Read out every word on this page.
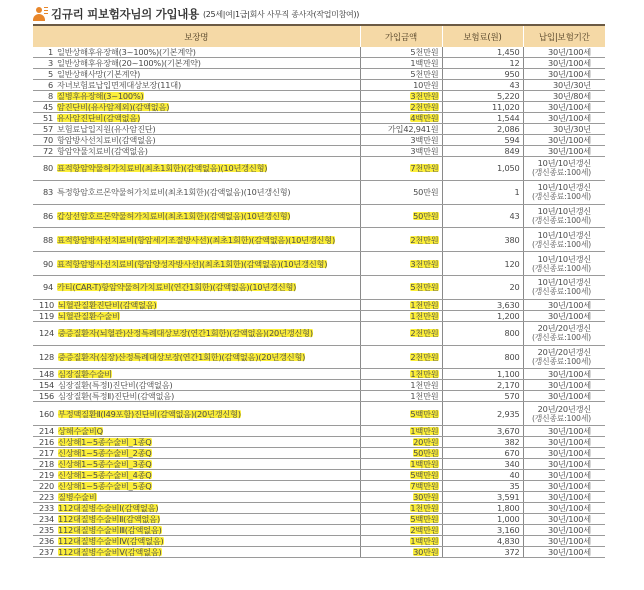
김규리 피보험자님의 가입내용 (25세|여|1급|회사 사무직 종사자(작업미참여))
보장명	가입금액	보험료(원)	납입|보험기간
1 일반상해후유장해(3~100%)(기본계약)	5천만원	1,450	30년/100세
3 일반상해후유장해(20~100%)(기본계약)	1백만원	12	30년/100세
5 일반상해사망(기본계약)	5천만원	950	30년/100세
6 자녀보험료납입면제대상보장(11대)	10만원	43	30년/30년
8 질병후유장해(3~100%)	3천만원	5,220	30년/80세
45 암진단비(유사암제외)(감액없음)	2천만원	11,020	30년/100세
51 유사암진단비(감액없음)	4백만원	1,544	30년/100세
57 보험료납입지원(유사암진단)	가입42,941원	2,086	30년/30년
70 항암방사선치료비(감액없음)	3백만원	594	30년/100세
72 항암약물치료비(감액없음)	3백만원	849	30년/100세
80 표적항암약물허가치료비(최초1회한)(감액없음)(10년갱신형)	7천만원	1,050	10년/10년갱신
(갱신종료:100세)

83 특정항암호르몬약물허가치료비(최초1회한)(감액없음)(10년갱신형)	50만원	1	10년/10년갱신
(갱신종료:100세)

86 갑상선암호르몬약물허가치료비(최초1회한)(감액없음)(10년갱신형)	50만원	43	10년/10년갱신
(갱신종료:100세)

88 표적항암방사선치료비(항암세기조절방사선)(최초1회한)(감액없음)(10년갱신형)	2천만원	380	10년/10년갱신
(갱신종료:100세)

90 표적항암방사선치료비(항암양성자방사선)(최초1회한)(감액없음)(10년갱신형)	3천만원	120	10년/10년갱신
(갱신종료:100세)

94 카티(CAR-T)항암약물허가치료비(연간1회한)(감액없음)(10년갱신형)	5천만원	20	10년/10년갱신
(갱신종료:100세)

110 뇌혈관질환진단비(감액없음)	1천만원	3,630	30년/100세
119 뇌혈관질환수술비	1천만원	1,200	30년/100세
124 중증질환자(뇌혈관)산정특례대상보장(연간1회한)(감액없음)(20년갱신형)	2천만원	800	20년/20년갱신
(갱신종료:100세)

128 중증질환자(심장)산정특례대상보장(연간1회한)(감액없음)(20년갱신형)	2천만원	800	20년/20년갱신
(갱신종료:100세)

148 심장질환수술비	1천만원	1,100	30년/100세
154 심장질환(특정Ⅰ)진단비(감액없음)	1천만원	2,170	30년/100세
156 심장질환(특정Ⅱ)진단비(감액없음)	1천만원	570	30년/100세
160 부정맥질환Ⅱ(I49포함)진단비(감액없음)(20년갱신형)	5백만원	2,935	20년/20년갱신
(갱신종료:100세)

214 상해수술비Q	1백만원	3,670	30년/100세
216 신상해1~5종수술비_1종Q	20만원	382	30년/100세
217 신상해1~5종수술비_2종Q	50만원	670	30년/100세
218 신상해1~5종수술비_3종Q	1백만원	340	30년/100세
219 신상해1~5종수술비_4종Q	5백만원	40	30년/100세
220 신상해1~5종수술비_5종Q	7백만원	35	30년/100세
223 질병수술비	30만원	3,591	30년/100세
233 112대질병수술비Ⅰ(감액없음)	1천만원	1,800	30년/100세
234 112대질병수술비Ⅱ(감액없음)	5백만원	1,000	30년/100세
235 112대질병수술비Ⅲ(감액없음)	2백만원	3,160	30년/100세
236 112대질병수술비Ⅳ(감액없음)	1백만원	4,830	30년/100세
237 112대질병수술비Ⅴ(감액없음)	30만원	372	30년/100세
